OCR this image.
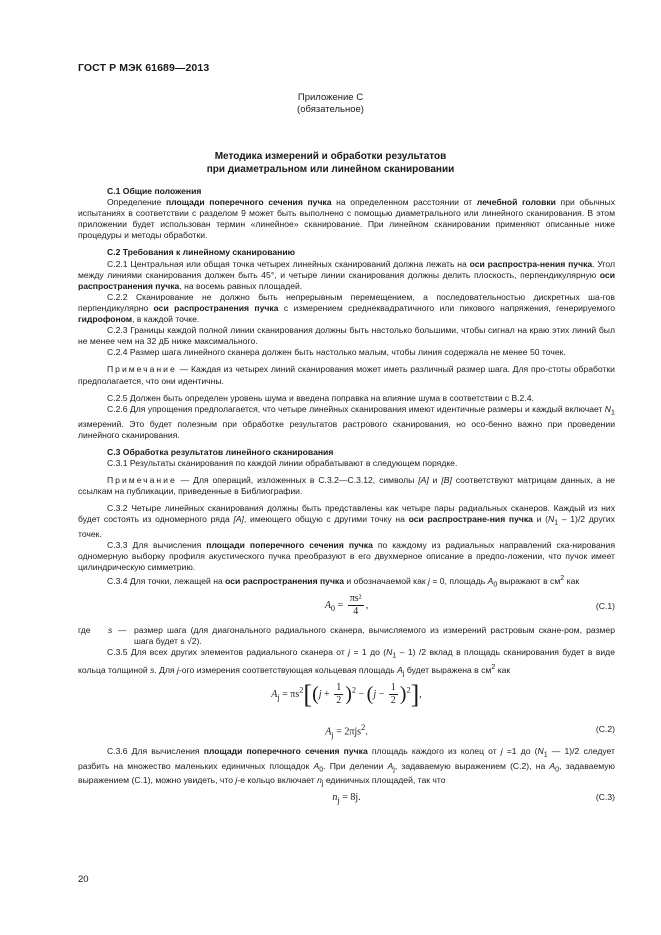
ГОСТ Р МЭК 61689—2013
Приложение С
(обязательное)
Методика измерений и обработки результатов
при диаметральном или линейном сканировании

С.1 Общие положения

Определение площади поперечного сечения пучка на определенном расстоянии от лечебной головки при обычных испытаниях в соответствии с разделом 9 может быть выполнено с помощью диаметрального или линейного сканирования. В этом приложении будет использован термин «линейное» сканирование. При линейном сканировании применяют описанные ниже процедуры и методы обработки.

С.2 Требования к линейному сканированию

С.2.1 Центральная или общая точка четырех линейных сканирований должна лежать на оси распростра-нения пучка. Угол между линиями сканирования должен быть 45°, и четыре линии сканирования должны делить плоскость, перпендикулярную оси распространения пучка, на восемь равных площадей.

С.2.2 Сканирование не должно быть непрерывным перемещением, а последовательностью дискретных ша-гов перпендикулярно оси распространения пучка с измерением среднеквадратичного или пикового напряжения, генерируемого гидрофоном, в каждой точке.

С.2.3 Границы каждой полной линии сканирования должны быть настолько большими, чтобы сигнал на краю этих линий был не менее чем на 32 дБ ниже максимального.

С.2.4 Размер шага линейного сканера должен быть настолько малым, чтобы линия содержала не менее 50 точек.

Примечание — Каждая из четырех линий сканирования может иметь различный размер шага. Для про-стоты обработки предполагается, что они идентичны.

С.2.5 Должен быть определен уровень шума и введена поправка на влияние шума в соответствии с В.2.4.

С.2.6 Для упрощения предполагается, что четыре линейных сканирования имеют идентичные размеры и каждый включает $N_1$ измерений. Это будет полезным при обработке результатов растрового сканирования, но осо-бенно важно при проведении линейного сканирования.

С.3 Обработка результатов линейного сканирования

С.3.1 Результаты сканирования по каждой линии обрабатывают в следующем порядке.

Примечание — Для операций, изложенных в С.3.2—С.3.12, символы [A] и [B] соответствуют матрицам данных, а не ссылкам на публикации, приведенные в Библиографии.

С.3.2 Четыре линейных сканирования должны быть представлены как четыре пары радиальных сканеров. Каждый из них будет состоять из одномерного ряда [A], имеющего общую с другими точку на оси распростране-ния пучка и $(N_1 - 1)/2$ других точек.

С.3.3 Для вычисления площади поперечного сечения пучка по каждому из радиальных направлений ска-нирования одномерную выборку профиля акустического пучка преобразуют в его двухмерное описание в предпо-ложении, что пучок имеет цилиндрическую симметрию.

С.3.4 Для точки, лежащей на оси распространения пучка и обозначаемой как j = 0, площадь $A_0$ выражают в $см^2$ как

$A_0 = \frac{\text{πs²}}{4}$ ,	(С.1)
где	s — размер шага (для диагонального радиального сканера, вычисляемого из измерений растровым скане-ром, размер шага будет s √2).

С.3.5 Для всех других элементов радиального сканера от j = 1 до $(N_1 - 1)$ /2 вклад в площадь сканирования будет в виде кольца толщиной s. Для j-ого измерения соответствующая кольцевая площадь $A_j$ будет выражена в $см^2$ как

$A_j = \pi s^2[(j + \frac{1}{2} )^2 - (j - \frac{1}{2} )^2]$,
$A_j = 2\pi js^2$.	(С.2)

С.3.6 Для вычисления площади поперечного сечения пучка площадь каждого из колец от j =1 до ($N_1$ — 1)/2 следует разбить на множество маленьких единичных площадок $A_0$. При делении $A_j$, задаваемую выражением (С.2), на $A_0$, задаваемую выражением (С.1), можно увидеть, что j-е кольцо включает $n_j$ единичных площадей, так что

$n_j = 8j$.	(С.3)
20
